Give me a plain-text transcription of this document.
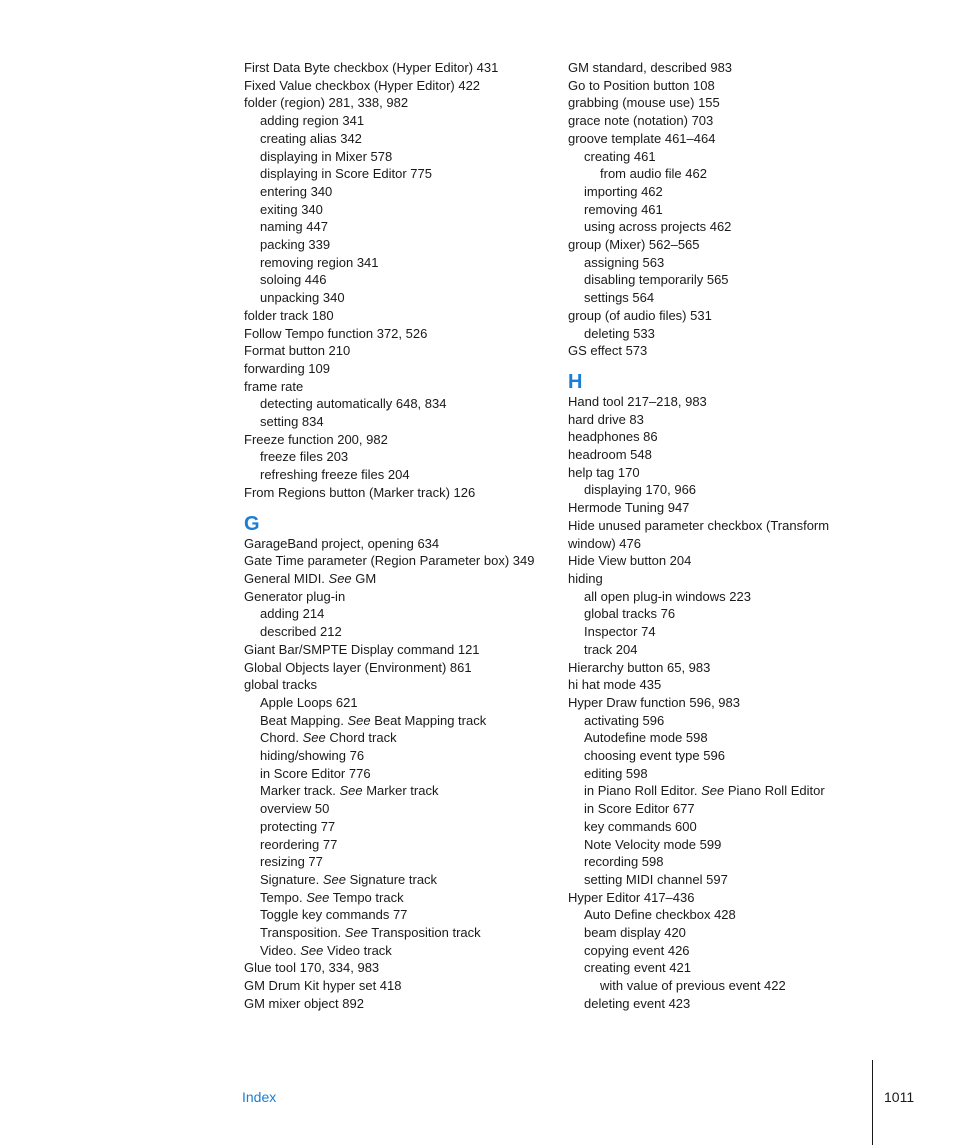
First Data Byte checkbox (Hyper Editor) 431
Fixed Value checkbox (Hyper Editor) 422
folder (region) 281, 338, 982
adding region 341
creating alias 342
displaying in Mixer 578
displaying in Score Editor 775
entering 340
exiting 340
naming 447
packing 339
removing region 341
soloing 446
unpacking 340
folder track 180
Follow Tempo function 372, 526
Format button 210
forwarding 109
frame rate
detecting automatically 648, 834
setting 834
Freeze function 200, 982
freeze files 203
refreshing freeze files 204
From Regions button (Marker track) 126
G
GarageBand project, opening 634
Gate Time parameter (Region Parameter box) 349
General MIDI. See GM
Generator plug-in
adding 214
described 212
Giant Bar/SMPTE Display command 121
Global Objects layer (Environment) 861
global tracks
Apple Loops 621
Beat Mapping. See Beat Mapping track
Chord. See Chord track
hiding/showing 76
in Score Editor 776
Marker track. See Marker track
overview 50
protecting 77
reordering 77
resizing 77
Signature. See Signature track
Tempo. See Tempo track
Toggle key commands 77
Transposition. See Transposition track
Video. See Video track
Glue tool 170, 334, 983
GM Drum Kit hyper set 418
GM mixer object 892
GM standard, described 983
Go to Position button 108
grabbing (mouse use) 155
grace note (notation) 703
groove template 461–464
creating 461
from audio file 462
importing 462
removing 461
using across projects 462
group (Mixer) 562–565
assigning 563
disabling temporarily 565
settings 564
group (of audio files) 531
deleting 533
GS effect 573
H
Hand tool 217–218, 983
hard drive 83
headphones 86
headroom 548
help tag 170
displaying 170, 966
Hermode Tuning 947
Hide unused parameter checkbox (Transform window) 476
Hide View button 204
hiding
all open plug-in windows 223
global tracks 76
Inspector 74
track 204
Hierarchy button 65, 983
hi hat mode 435
Hyper Draw function 596, 983
activating 596
Autodefine mode 598
choosing event type 596
editing 598
in Piano Roll Editor. See Piano Roll Editor
in Score Editor 677
key commands 600
Note Velocity mode 599
recording 598
setting MIDI channel 597
Hyper Editor 417–436
Auto Define checkbox 428
beam display 420
copying event 426
creating event 421
with value of previous event 422
deleting event 423
Index	1011
